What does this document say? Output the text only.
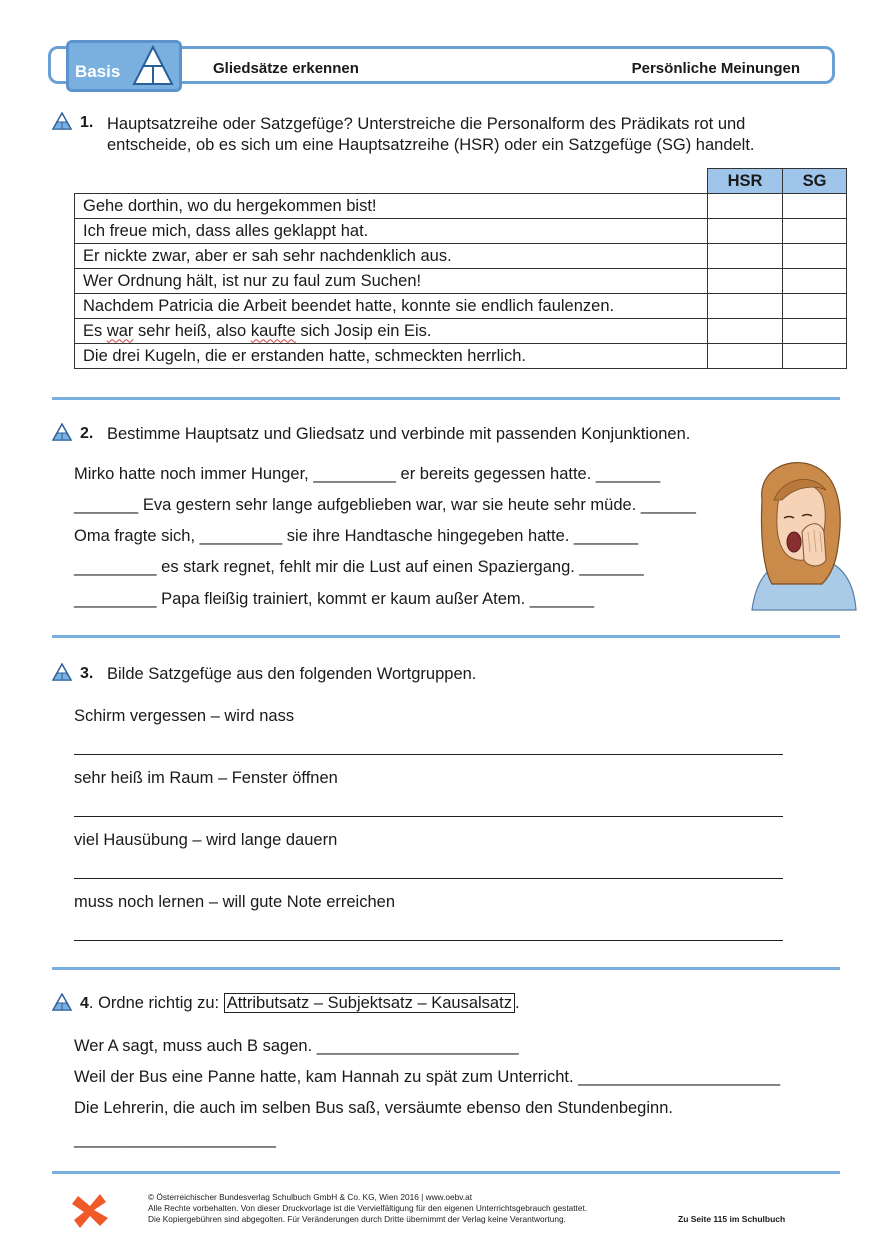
Basis	Gliedsätze erkennen	Persönliche Meinungen
1. Hauptsatzreihe oder Satzgefüge? Unterstreiche die Personalform des Prädikats rot und
entscheide, ob es sich um eine Hauptsatzreihe (HSR) oder ein Satzgefüge (SG) handelt.
	HSR	SG
Gehe dorthin, wo du hergekommen bist!		
Ich freue mich, dass alles geklappt hat.		
Er nickte zwar, aber er sah sehr nachdenklich aus.		
Wer Ordnung hält, ist nur zu faul zum Suchen!		
Nachdem Patricia die Arbeit beendet hatte, konnte sie endlich faulenzen.		
Es war sehr heiß, also kaufte sich Josip ein Eis.		
Die drei Kugeln, die er erstanden hatte, schmeckten herrlich.		
2. Bestimme Hauptsatz und Gliedsatz und verbinde mit passenden Konjunktionen.
Mirko hatte noch immer Hunger, _________ er bereits gegessen hatte. _______
_______ Eva gestern sehr lange aufgeblieben war, war sie heute sehr müde. ______
Oma fragte sich, _________ sie ihre Handtasche hingegeben hatte. _______
_________ es stark regnet, fehlt mir die Lust auf einen Spaziergang. _______
_________ Papa fleißig trainiert, kommt er kaum außer Atem. _______
3. Bilde Satzgefüge aus den folgenden Wortgruppen.
Schirm vergessen – wird nass
sehr heiß im Raum – Fenster öffnen
viel Hausübung – wird lange dauern
muss noch lernen – will gute Note erreichen
4. Ordne richtig zu: Attributsatz – Subjektsatz – Kausalsatz .
Wer A sagt, muss auch B sagen. ______________________
Weil der Bus eine Panne hatte, kam Hannah zu spät zum Unterricht. ______________________
Die Lehrerin, die auch im selben Bus saß, versäumte ebenso den Stundenbeginn.
______________________
© Österreichischer Bundesverlag Schulbuch GmbH & Co. KG, Wien 2016 | www.oebv.at
Alle Rechte vorbehalten. Von dieser Druckvorlage ist die Vervielfältigung für den eigenen Unterrichtsgebrauch gestattet.
Die Kopiergebühren sind abgegolten. Für Veränderungen durch Dritte übernimmt der Verlag keine Verantwortung.	Zu Seite 115 im Schulbuch
